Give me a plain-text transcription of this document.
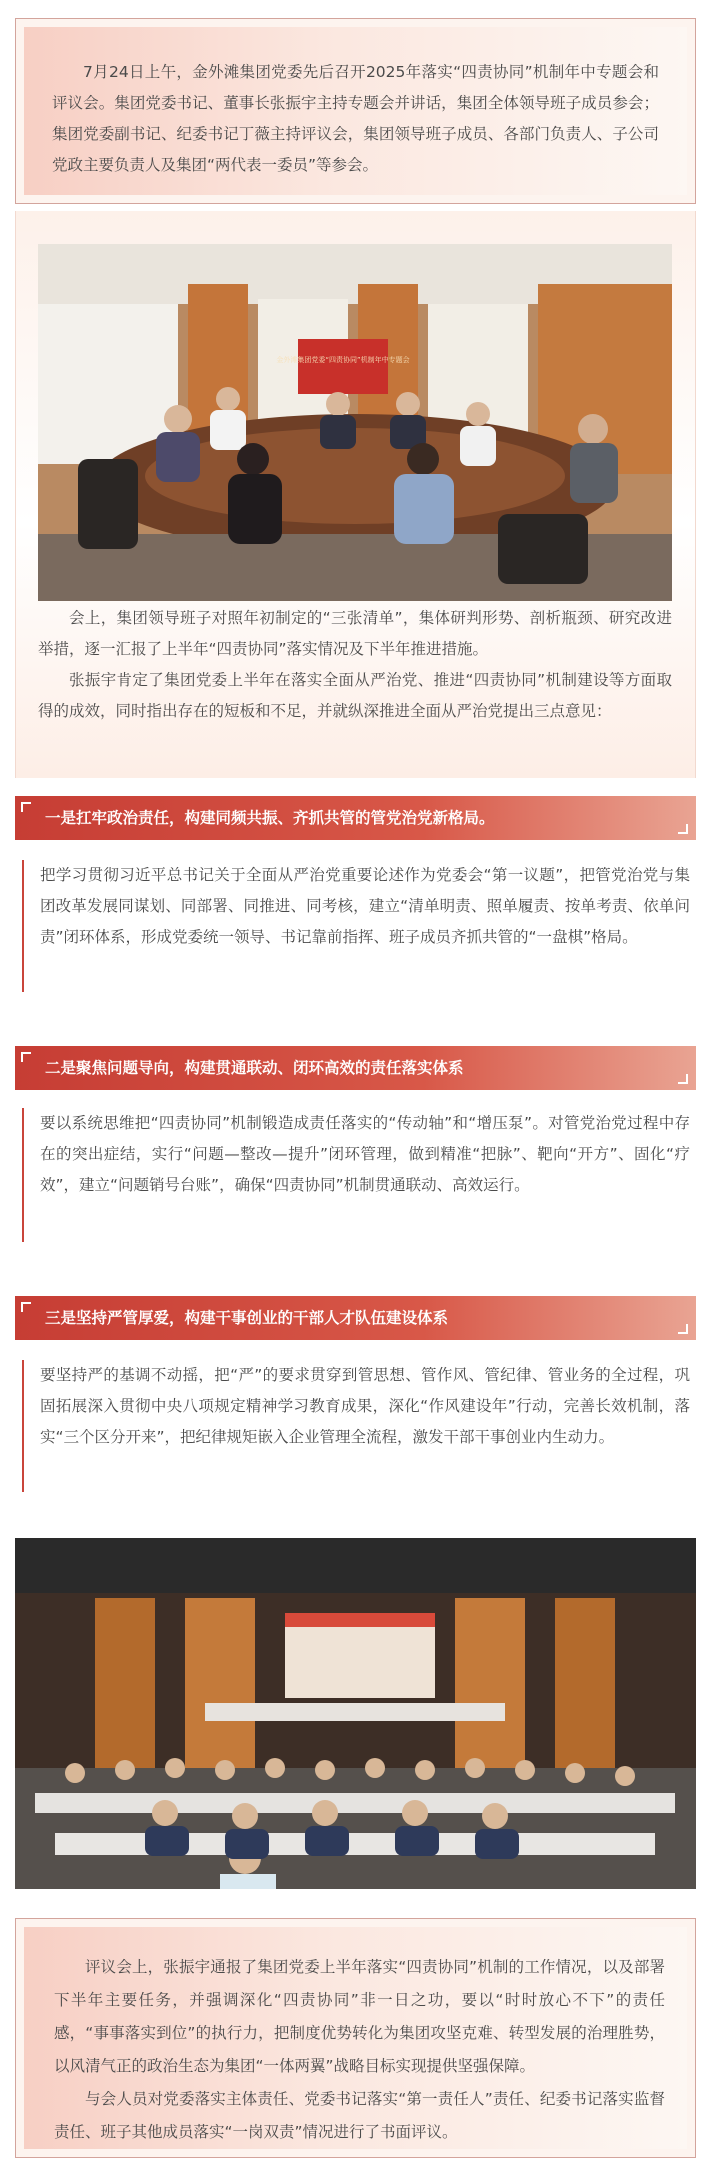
7月24日上午，金外滩集团党委先后召开2025年落实“四责协同”机制年中专题会和评议会。集团党委书记、董事长张振宇主持专题会并讲话，集团全体领导班子成员参会；集团党委副书记、纪委书记丁薇主持评议会，集团领导班子成员、各部门负责人、子公司党政主要负责人及集团“两代表一委员”等参会。

金外滩集团党委“四责协同”机制年中专题会

会上，集团领导班子对照年初制定的“三张清单”，集体研判形势、剖析瓶颈、研究改进举措，逐一汇报了上半年“四责协同”落实情况及下半年推进措施。

张振宇肯定了集团党委上半年在落实全面从严治党、推进“四责协同”机制建设等方面取得的成效，同时指出存在的短板和不足，并就纵深推进全面从严治党提出三点意见：

一是扛牢政治责任，构建同频共振、齐抓共管的管党治党新格局。

把学习贯彻习近平总书记关于全面从严治党重要论述作为党委会“第一议题”，把管党治党与集团改革发展同谋划、同部署、同推进、同考核，建立“清单明责、照单履责、按单考责、依单问责”闭环体系，形成党委统一领导、书记靠前指挥、班子成员齐抓共管的“一盘棋”格局。

二是聚焦问题导向，构建贯通联动、闭环高效的责任落实体系

要以系统思维把“四责协同”机制锻造成责任落实的“传动轴”和“增压泵”。对管党治党过程中存在的突出症结，实行“问题—整改—提升”闭环管理，做到精准“把脉”、靶向“开方”、固化“疗效”，建立“问题销号台账”，确保“四责协同”机制贯通联动、高效运行。

三是坚持严管厚爱，构建干事创业的干部人才队伍建设体系

要坚持严的基调不动摇，把“严”的要求贯穿到管思想、管作风、管纪律、管业务的全过程，巩固拓展深入贯彻中央八项规定精神学习教育成果，深化“作风建设年”行动，完善长效机制，落实“三个区分开来”，把纪律规矩嵌入企业管理全流程，激发干部干事创业内生动力。

评议会上，张振宇通报了集团党委上半年落实“四责协同”机制的工作情况，以及部署下半年主要任务，并强调深化“四责协同”非一日之功，要以“时时放心不下”的责任感，“事事落实到位”的执行力，把制度优势转化为集团攻坚克难、转型发展的治理胜势，以风清气正的政治生态为集团“一体两翼”战略目标实现提供坚强保障。

与会人员对党委落实主体责任、党委书记落实“第一责任人”责任、纪委书记落实监督责任、班子其他成员落实“一岗双责”情况进行了书面评议。
